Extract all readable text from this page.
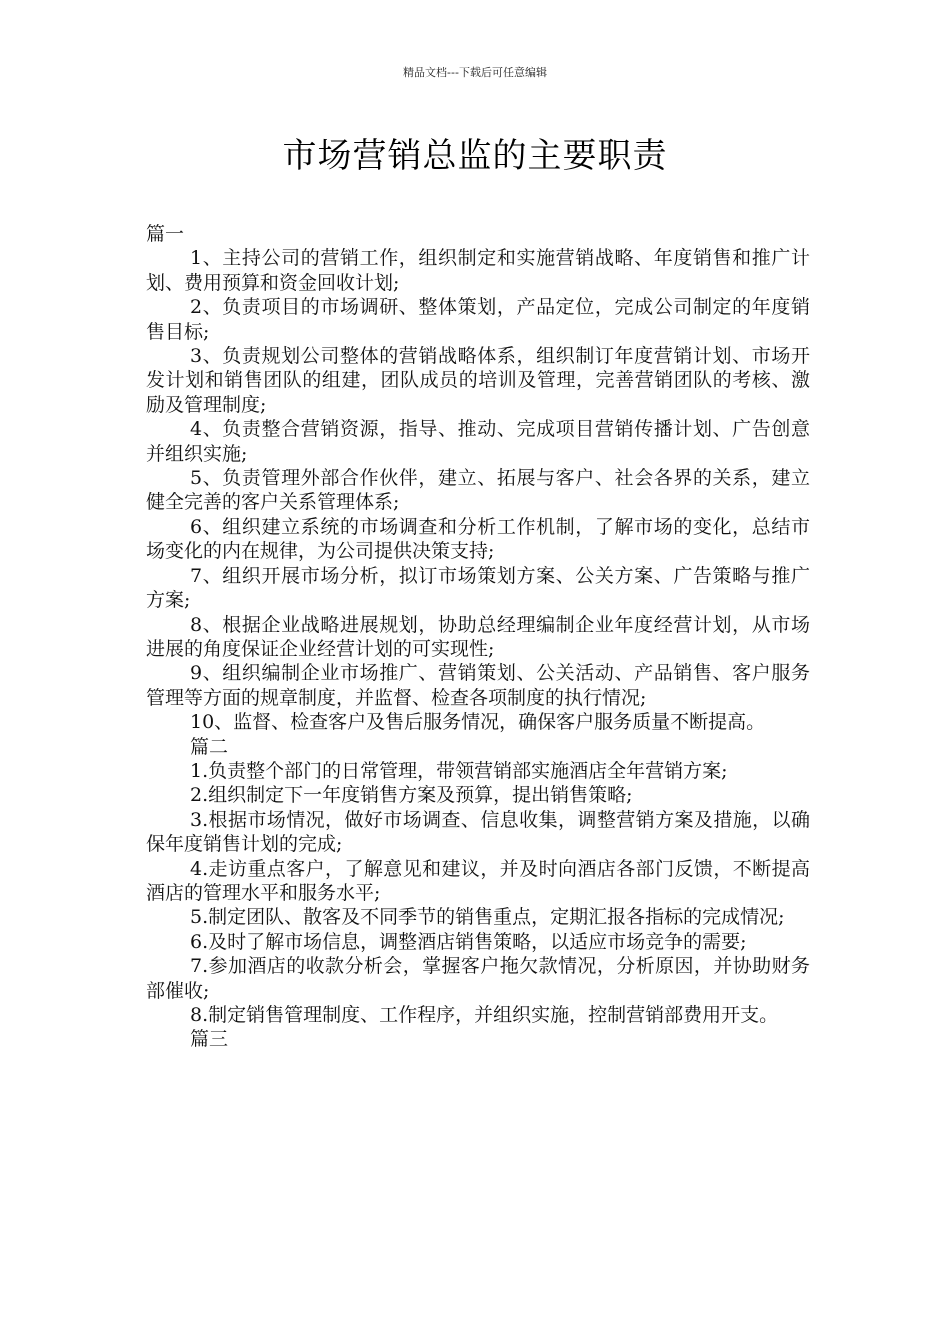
精品文档---下载后可任意编辑
市场营销总监的主要职责

篇一

1、主持公司的营销工作，组织制定和实施营销战略、年度销售和推广计划、费用预算和资金回收计划;

2、负责项目的市场调研、整体策划，产品定位，完成公司制定的年度销售目标;

3、负责规划公司整体的营销战略体系，组织制订年度营销计划、市场开发计划和销售团队的组建，团队成员的培训及管理，完善营销团队的考核、激励及管理制度;

4、负责整合营销资源，指导、推动、完成项目营销传播计划、广告创意并组织实施;

5、负责管理外部合作伙伴，建立、拓展与客户、社会各界的关系，建立健全完善的客户关系管理体系;

6、组织建立系统的市场调查和分析工作机制，了解市场的变化，总结市场变化的内在规律，为公司提供决策支持;

7、组织开展市场分析，拟订市场策划方案、公关方案、广告策略与推广方案;

8、根据企业战略进展规划，协助总经理编制企业年度经营计划，从市场进展的角度保证企业经营计划的可实现性;

9、组织编制企业市场推广、营销策划、公关活动、产品销售、客户服务管理等方面的规章制度，并监督、检查各项制度的执行情况;

10、监督、检查客户及售后服务情况，确保客户服务质量不断提高。

篇二

1.负责整个部门的日常管理，带领营销部实施酒店全年营销方案;

2.组织制定下一年度销售方案及预算，提出销售策略;

3.根据市场情况，做好市场调查、信息收集，调整营销方案及措施，以确保年度销售计划的完成;

4.走访重点客户，了解意见和建议，并及时向酒店各部门反馈，不断提高酒店的管理水平和服务水平;

5.制定团队、散客及不同季节的销售重点，定期汇报各指标的完成情况;

6.及时了解市场信息，调整酒店销售策略，以适应市场竞争的需要;

7.参加酒店的收款分析会，掌握客户拖欠款情况，分析原因，并协助财务部催收;

8.制定销售管理制度、工作程序，并组织实施，控制营销部费用开支。

篇三
